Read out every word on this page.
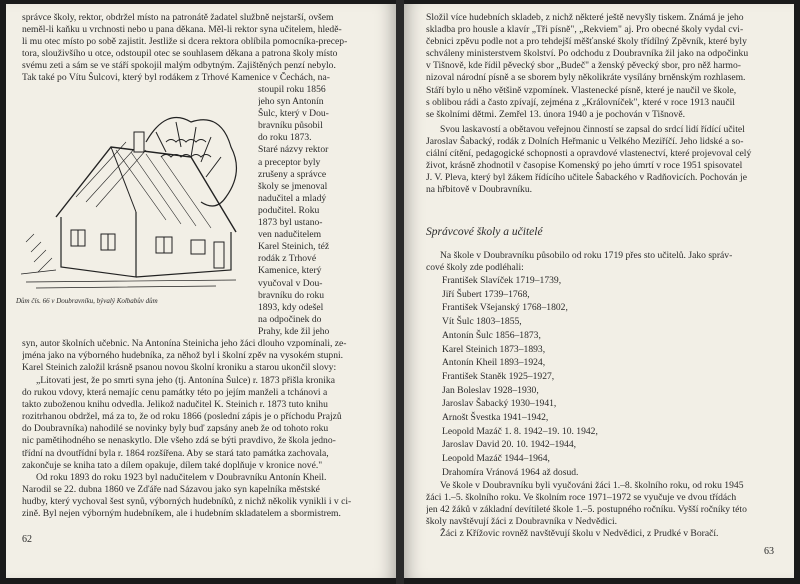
správce školy, rektor, obdržel místo na patronátě žadatel službně nejstarší, ovšem
neměl-li kaňku u vrchnosti nebo u pana děkana. Měl-li rektor syna učitelem, hledě-
li mu otec místo po sobě zajistit. Jestliže si dcera rektora oblíbila pomocníka-precep-
tora, slouživšího u otce, odstoupil otec se souhlasem děkana a patrona školy místo
svému zeti a sám se ve stáří spokojil malým odbytným. Zajištěných penzí nebylo.
Tak také po Vítu Šulcovi, který byl rodákem z Trhové Kamenice v Čechách, na-
stoupil roku 1856
jeho syn Antonín
Šulc, který v Dou-
bravníku působil
do roku 1873.
Staré názvy rektor
a preceptor byly
zrušeny a správce
školy se jmenoval
nadučitel a mladý
podučitel. Roku
1873 byl ustano-
ven nadučitelem
Karel Steinich, též
rodák z Trhové
Kamenice, který
vyučoval v Dou-
bravníku do roku
1893, kdy odešel
na odpočinek do
Prahy, kde žil jeho
Dům čís. 66 v Doubravníku, bývalý Kolbabův dům
syn, autor školních učebnic. Na Antonína Steinicha jeho žáci dlouho vzpomínali, ze-
jména jako na výborného hudebníka, za něhož byl i školní zpěv na vysokém stupni.
Karel Steinich založil krásně psanou novou školní kroniku a starou ukončil slovy:
„Litovati jest, že po smrti syna jeho (tj. Antonína Šulce) r. 1873 přišla kronika
do rukou vdovy, která nemajíc cenu památky této po jejím manželi a tchánovi a
takto zuboženou knihu odvedla. Jelikož nadučitel K. Steinich r. 1873 tuto knihu
rozitrhanou obdržel, má za to, že od roku 1866 (poslední zápis je o příchodu Prajzů
do Doubravníka) nahodilé se novinky byly buď zapsány aneb že od tohoto roku
nic pamětihodného se nenaskytlo. Dle všeho zdá se býti pravdivo, že škola jedno-
třídní na dvoutřídní byla r. 1864 rozšířena. Aby se stará tato památka zachovala,
zakončuje se kniha tato a dílem opakuje, dílem také doplňuje v kronice nové."
Od roku 1893 do roku 1923 byl nadučitelem v Doubravníku Antonín Kheil.
Narodil se 22. dubna 1860 ve Zďáře nad Sázavou jako syn kapelníka městské
hudby, který vychoval šest synů, výborných hudebníků, z nichž několik vynikli i v ci-
zině. Byl nejen výborným hudebníkem, ale i hudebním skladatelem a sbormistrem.
62
Složil více hudebních skladeb, z nichž některé ještě nevyšly tiskem. Známá je jeho
skladba pro housle a klavír „Tři písně", „Rekviem" aj. Pro obecné školy vydal cvi-
čebnici zpěvu podle not a pro tehdejší měšťanské školy třídílný Zpěvník, které byly
schváleny ministerstvem školství. Po odchodu z Doubravníka žil jako na odpočinku
v Tišnově, kde řídil pěvecký sbor „Budeč" a ženský pěvecký sbor, pro něž harmo-
nizoval národní písně a se sborem byly několikráte vysílány brněnským rozhlasem.
Stáří bylo u něho většině vzpomínek. Vlastenecké písně, které je naučil ve škole,
s oblibou rádi a často zpívají, zejména z „Královníček", které v roce 1913 naučil
se školními dětmi. Zemřel 13. února 1940 a je pochován v Tišnově.
Svou laskavostí a obětavou veřejnou činností se zapsal do srdcí lidí řídící učitel
Jaroslav Šabacký, rodák z Dolních Heřmanic u Velkého Meziříčí. Jeho lidské a so-
ciální cítění, pedagogické schopnosti a opravdové vlastenectví, které projevoval celý
život, krásně zhodnotil v časopise Komenský po jeho úmrtí v roce 1951 spisovatel
J. V. Pleva, který byl žákem řídícího učitele Šabackého v Radňovicích. Pochován je
na hřbitově v Doubravníku.
Správcové školy a učitelé
Na škole v Doubravníku působilo od roku 1719 přes sto učitelů. Jako správ-
cové školy zde podléhali:
František Slavíček 1719–1739,
Jiří Šubert 1739–1768,
František Všejanský 1768–1802,
Vít Šulc 1803–1855,
Antonín Šulc 1856–1873,
Karel Steinich 1873–1893,
Antonín Kheil 1893–1924,
František Staněk 1925–1927,
Jan Boleslav 1928–1930,
Jaroslav Šabacký 1930–1941,
Arnošt Švestka 1941–1942,
Leopold Mazáč 1. 8. 1942–19. 10. 1942,
Jaroslav David 20. 10. 1942–1944,
Leopold Mazáč 1944–1964,
Drahomíra Vránová 1964 až dosud.
Ve škole v Doubravníku byli vyučováni žáci 1.–8. školního roku, od roku 1945
žáci 1.–5. školního roku. Ve školním roce 1971–1972 se vyučuje ve dvou třídách
jen 42 žáků v základní devítileté škole 1.–5. postupného ročníku. Vyšší ročníky této
školy navštěvují žáci z Doubravníka v Nedvědici.
Žáci z Křížovic rovněž navštěvují školu v Nedvědici, z Prudké v Boračí.
63
